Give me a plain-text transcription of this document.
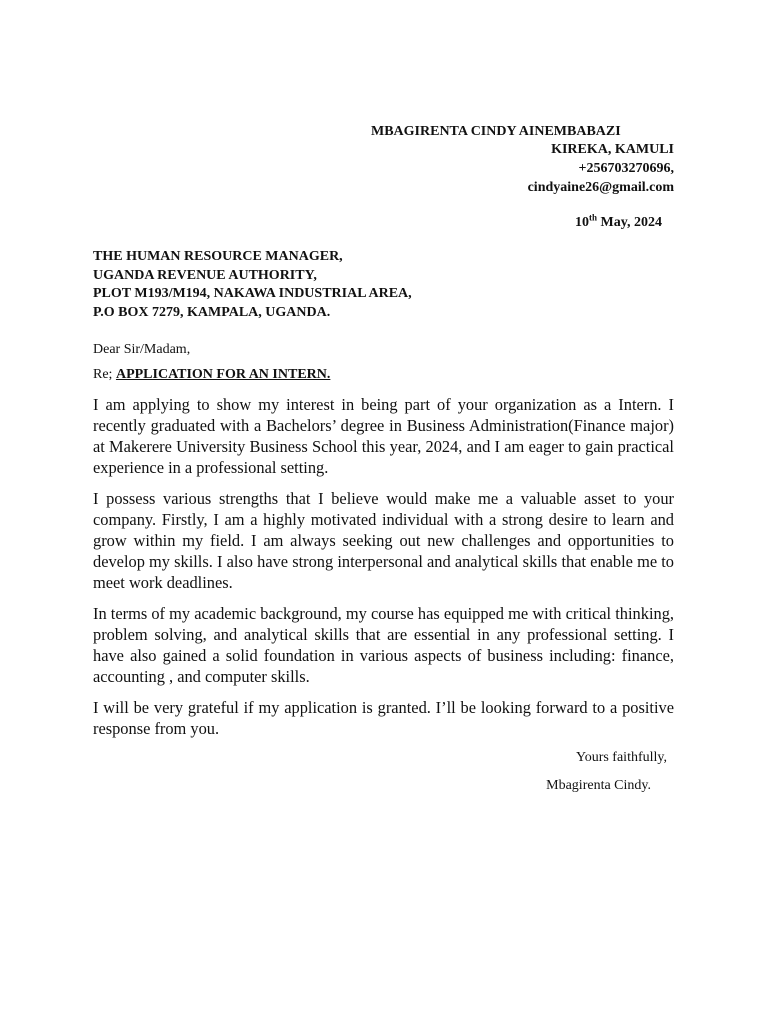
MBAGIRENTA CINDY AINEMBABAZI
KIREKA, KAMULI
+256703270696,
cindyaine26@gmail.com
10th May, 2024
THE HUMAN RESOURCE MANAGER,
UGANDA REVENUE AUTHORITY,
PLOT M193/M194, NAKAWA INDUSTRIAL AREA,
P.O BOX 7279, KAMPALA, UGANDA.
Dear Sir/Madam,
Re; APPLICATION FOR AN INTERN.

I am applying to show my interest in being part of your organization as a Intern. I recently graduated with a Bachelors’ degree in Business Administration(Finance major) at Makerere University Business School this year, 2024, and I am eager to gain practical experience in a professional setting.

I possess various strengths that I believe would make me a valuable asset to your company. Firstly, I am a highly motivated individual with a strong desire to learn and grow within my field. I am always seeking out new challenges and opportunities to develop my skills. I also have strong interpersonal and analytical skills that enable me to meet work deadlines.

In terms of my academic background, my course has equipped me with critical thinking, problem solving, and analytical skills that are essential in any professional setting. I have also gained a solid foundation in various aspects of business including: finance, accounting , and computer skills.

I will be very grateful if my application is granted. I’ll be looking forward to a positive response from you.

Yours faithfully,
Mbagirenta Cindy.
